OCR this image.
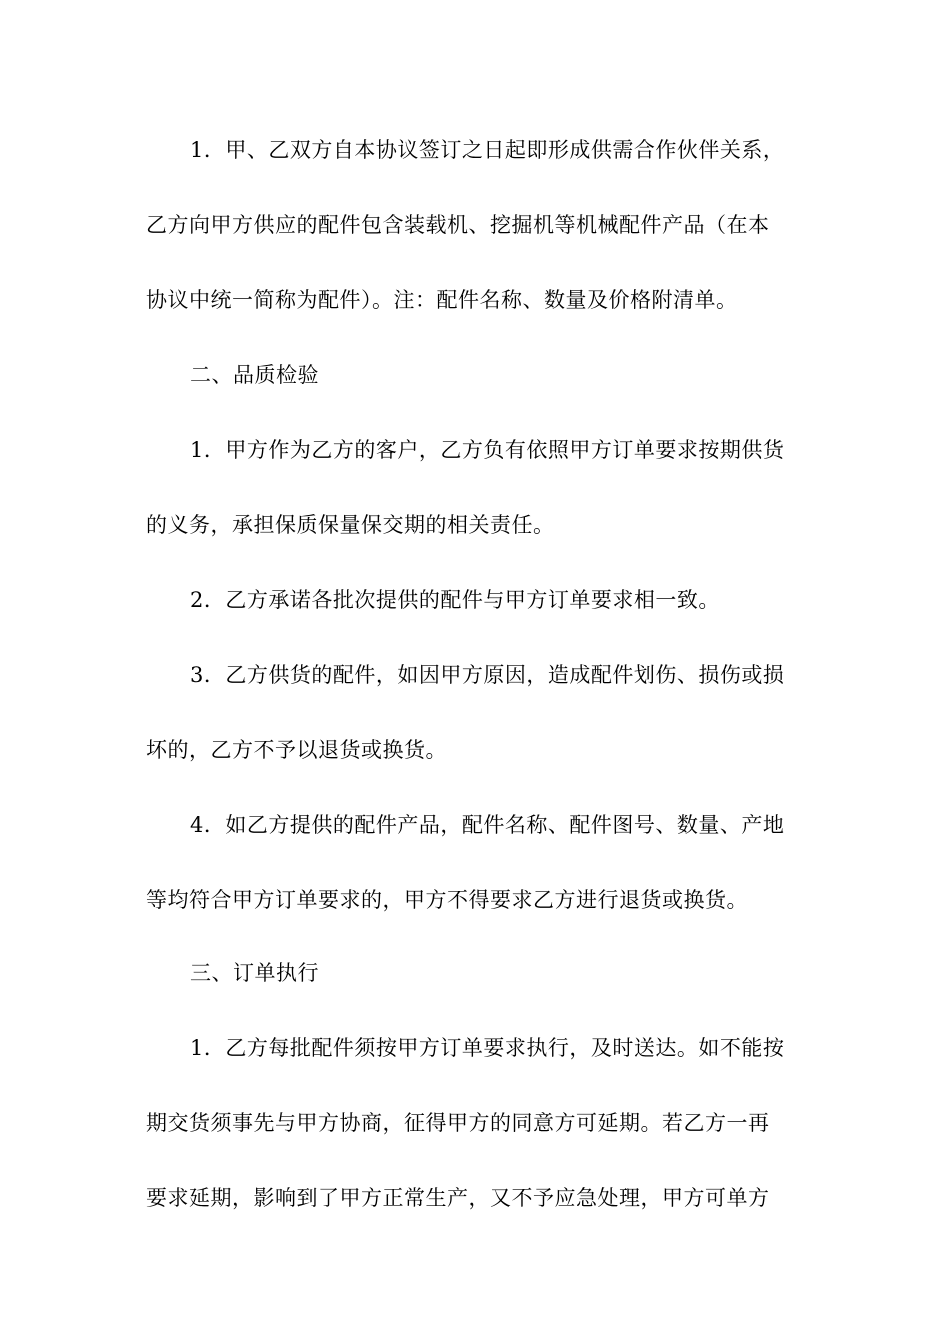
1．甲、乙双方自本协议签订之日起即形成供需合作伙伴关系，
乙方向甲方供应的配件包含装载机、挖掘机等机械配件产品（在本
协议中统一简称为配件）。注：配件名称、数量及价格附清单。
二、品质检验
1．甲方作为乙方的客户，乙方负有依照甲方订单要求按期供货
的义务，承担保质保量保交期的相关责任。
2．乙方承诺各批次提供的配件与甲方订单要求相一致。
3．乙方供货的配件，如因甲方原因，造成配件划伤、损伤或损
坏的，乙方不予以退货或换货。
4．如乙方提供的配件产品，配件名称、配件图号、数量、产地
等均符合甲方订单要求的，甲方不得要求乙方进行退货或换货。
三、订单执行
1．乙方每批配件须按甲方订单要求执行，及时送达。如不能按
期交货须事先与甲方协商，征得甲方的同意方可延期。若乙方一再
要求延期，影响到了甲方正常生产，又不予应急处理，甲方可单方
